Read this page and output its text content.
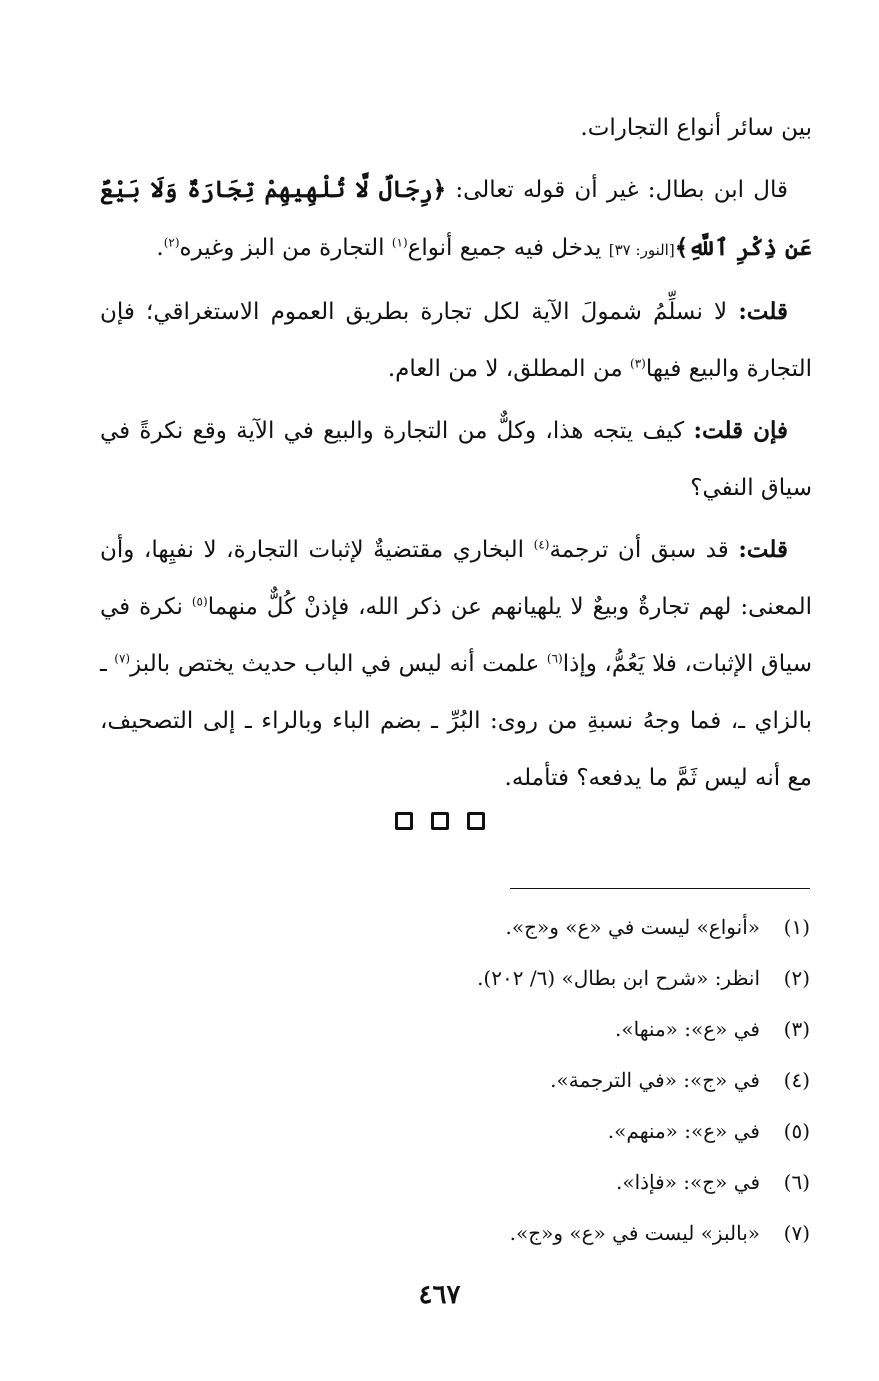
بين سائر أنواع التجارات.

قال ابن بطال: غير أن قوله تعالى: ﴿رِجَالٌ لَّا تُلْهِيهِمْ تِجَارَةٌ وَلَا بَيْعٌ عَن ذِكْرِ ٱللَّهِ﴾[النور: ٣٧] يدخل فيه جميع أنواع$^{(١)}$ التجارة من البز وغيره$^{(٢)}$.

قلت: لا نسلِّمُ شمولَ الآية لكل تجارة بطريق العموم الاستغراقي؛ فإن التجارة والبيع فيها$^{(٣)}$ من المطلق، لا من العام.

فإن قلت: كيف يتجه هذا، وكلٌّ من التجارة والبيع في الآية وقع نكرةً في سياق النفي؟

قلت: قد سبق أن ترجمة$^{(٤)}$ البخاري مقتضيةٌ لإثبات التجارة، لا نفيِها، وأن المعنى: لهم تجارةٌ وبيعٌ لا يلهيانهم عن ذكر الله، فإذنْ كُلٌّ منهما$^{(٥)}$ نكرة في سياق الإثبات، فلا يَعُمُّ، وإذا$^{(٦)}$ علمت أنه ليس في الباب حديث يختص بالبز$^{(٧)}$ ـ بالزاي ـ، فما وجهُ نسبةِ من روى: البُرِّ ـ بضم الباء وبالراء ـ إلى التصحيف، مع أنه ليس ثَمَّ ما يدفعه؟ فتأمله.

(١)«أنواع» ليست في «ع» و«ج».
(٢)انظر: «شرح ابن بطال» (٦/ ٢٠٢).
(٣)في «ع»: «منها».
(٤)في «ج»: «في الترجمة».
(٥)في «ع»: «منهم».
(٦)في «ج»: «فإذا».
(٧)«بالبز» ليست في «ع» و«ج».
٤٦٧
